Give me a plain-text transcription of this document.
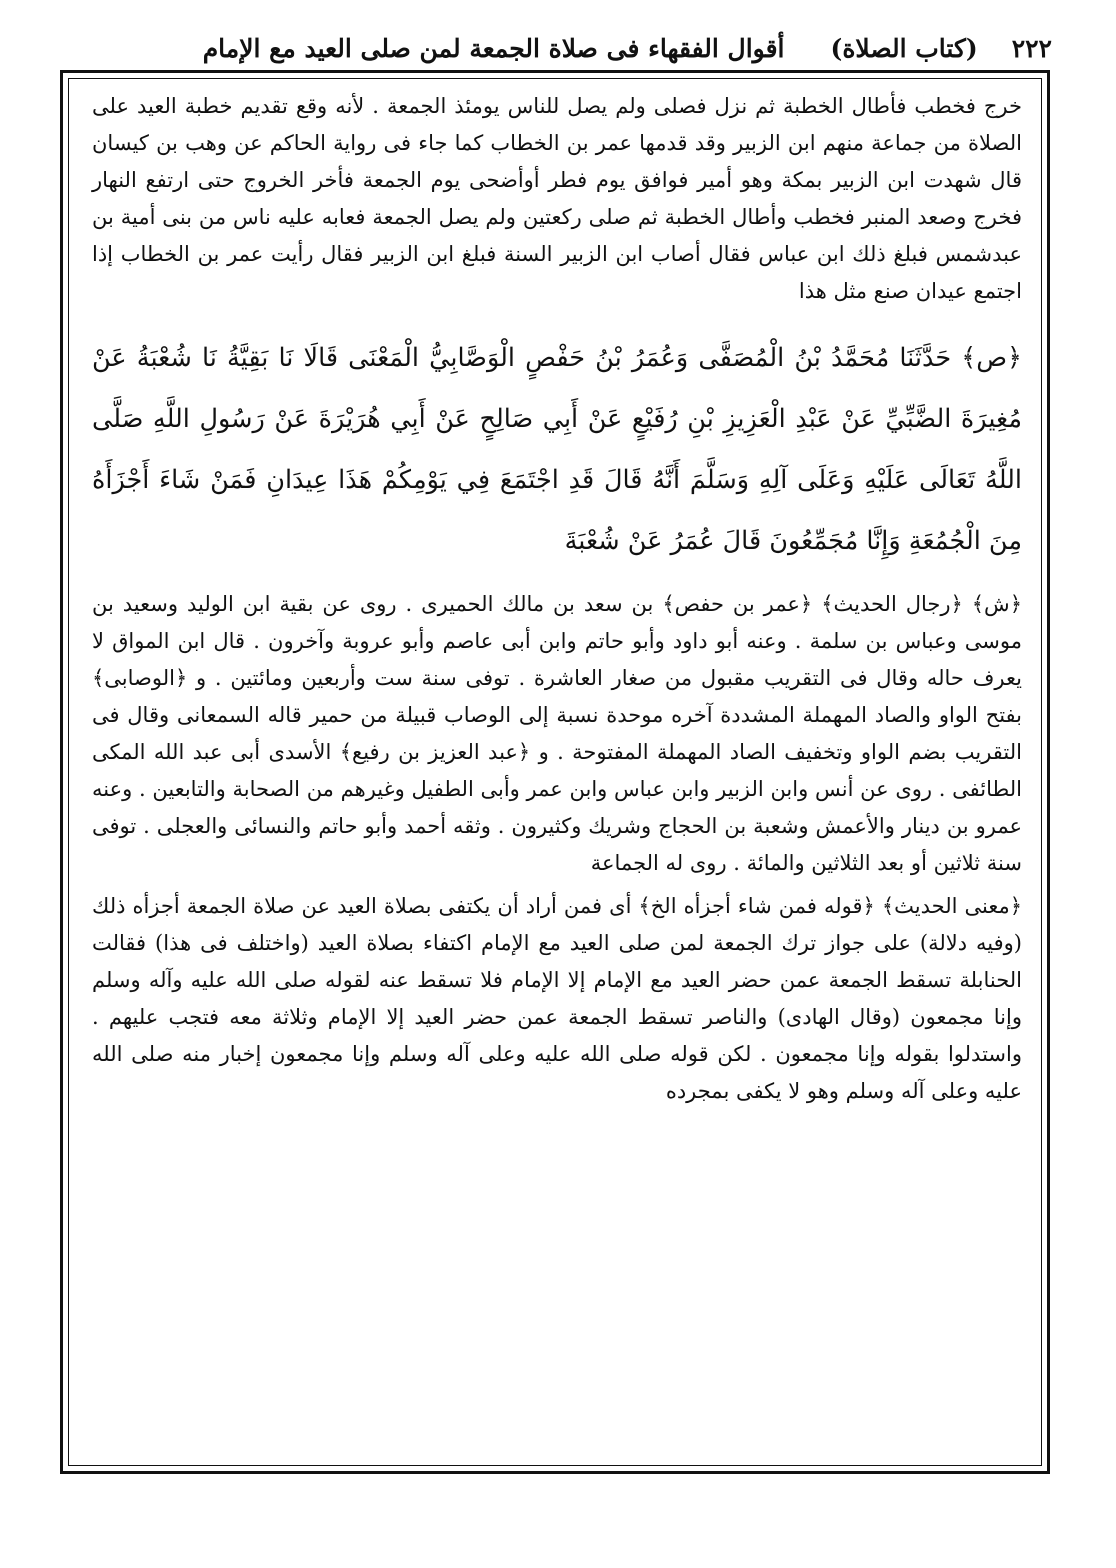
٢٢٢
(كتاب الصلاة)
أقوال الفقهاء فى صلاة الجمعة لمن صلى العيد مع الإمام

خرج فخطب فأطال الخطبة ثم نزل فصلى ولم يصل للناس يومئذ الجمعة . لأنه وقع تقديم خطبة العيد على الصلاة من جماعة منهم ابن الزبير وقد قدمها عمر بن الخطاب كما جاء فى رواية الحاكم عن وهب بن كيسان قال شهدت ابن الزبير بمكة وهو أمير فوافق يوم فطر أوأضحى يوم الجمعة فأخر الخروج حتى ارتفع النهار فخرج وصعد المنبر فخطب وأطال الخطبة ثم صلى ركعتين ولم يصل الجمعة فعابه عليه ناس من بنى أمية بن عبدشمس فبلغ ذلك ابن عباس فقال أصاب ابن الزبير السنة فبلغ ابن الزبير فقال رأيت عمر بن الخطاب إذا اجتمع عيدان صنع مثل هذا

﴿ص﴾ حَدَّثَنَا مُحَمَّدُ بْنُ الْمُصَفَّى وَعُمَرُ بْنُ حَفْصٍ الْوَصَّابِيُّ الْمَعْنَى قَالَا نَا بَقِيَّةُ نَا شُعْبَةُ عَنْ مُغِيرَةَ الضَّبِّيِّ عَنْ عَبْدِ الْعَزِيزِ بْنِ رُفَيْعٍ عَنْ أَبِي صَالِحٍ عَنْ أَبِي هُرَيْرَةَ عَنْ رَسُولِ اللَّهِ صَلَّى اللَّهُ تَعَالَى عَلَيْهِ وَعَلَى آلِهِ وَسَلَّمَ أَنَّهُ قَالَ قَدِ اجْتَمَعَ فِي يَوْمِكُمْ هَذَا عِيدَانِ فَمَنْ شَاءَ أَجْزَأَهُ مِنَ الْجُمُعَةِ وَإِنَّا مُجَمِّعُونَ قَالَ عُمَرُ عَنْ شُعْبَةَ

﴿ش﴾ ﴿رجال الحديث﴾ ﴿عمر بن حفص﴾ بن سعد بن مالك الحميرى . روى عن بقية ابن الوليد وسعيد بن موسى وعباس بن سلمة . وعنه أبو داود وأبو حاتم وابن أبى عاصم وأبو عروبة وآخرون . قال ابن المواق لا يعرف حاله وقال فى التقريب مقبول من صغار العاشرة . توفى سنة ست وأربعين ومائتين . و ﴿الوصابى﴾ بفتح الواو والصاد المهملة المشددة آخره موحدة نسبة إلى الوصاب قبيلة من حمير قاله السمعانى وقال فى التقريب بضم الواو وتخفيف الصاد المهملة المفتوحة . و ﴿عبد العزيز بن رفيع﴾ الأسدى أبى عبد الله المكى الطائفى . روى عن أنس وابن الزبير وابن عباس وابن عمر وأبى الطفيل وغيرهم من الصحابة والتابعين . وعنه عمرو بن دينار والأعمش وشعبة بن الحجاج وشريك وكثيرون . وثقه أحمد وأبو حاتم والنسائى والعجلى . توفى سنة ثلاثين أو بعد الثلاثين والمائة . روى له الجماعة

﴿معنى الحديث﴾ ﴿قوله فمن شاء أجزأه الخ﴾ أى فمن أراد أن يكتفى بصلاة العيد عن صلاة الجمعة أجزأه ذلك (وفيه دلالة) على جواز ترك الجمعة لمن صلى العيد مع الإمام اكتفاء بصلاة العيد (واختلف فى هذا) فقالت الحنابلة تسقط الجمعة عمن حضر العيد مع الإمام إلا الإمام فلا تسقط عنه لقوله صلى الله عليه وآله وسلم وإنا مجمعون (وقال الهادى) والناصر تسقط الجمعة عمن حضر العيد إلا الإمام وثلاثة معه فتجب عليهم . واستدلوا بقوله وإنا مجمعون . لكن قوله صلى الله عليه وعلى آله وسلم وإنا مجمعون إخبار منه صلى الله عليه وعلى آله وسلم وهو لا يكفى بمجرده
